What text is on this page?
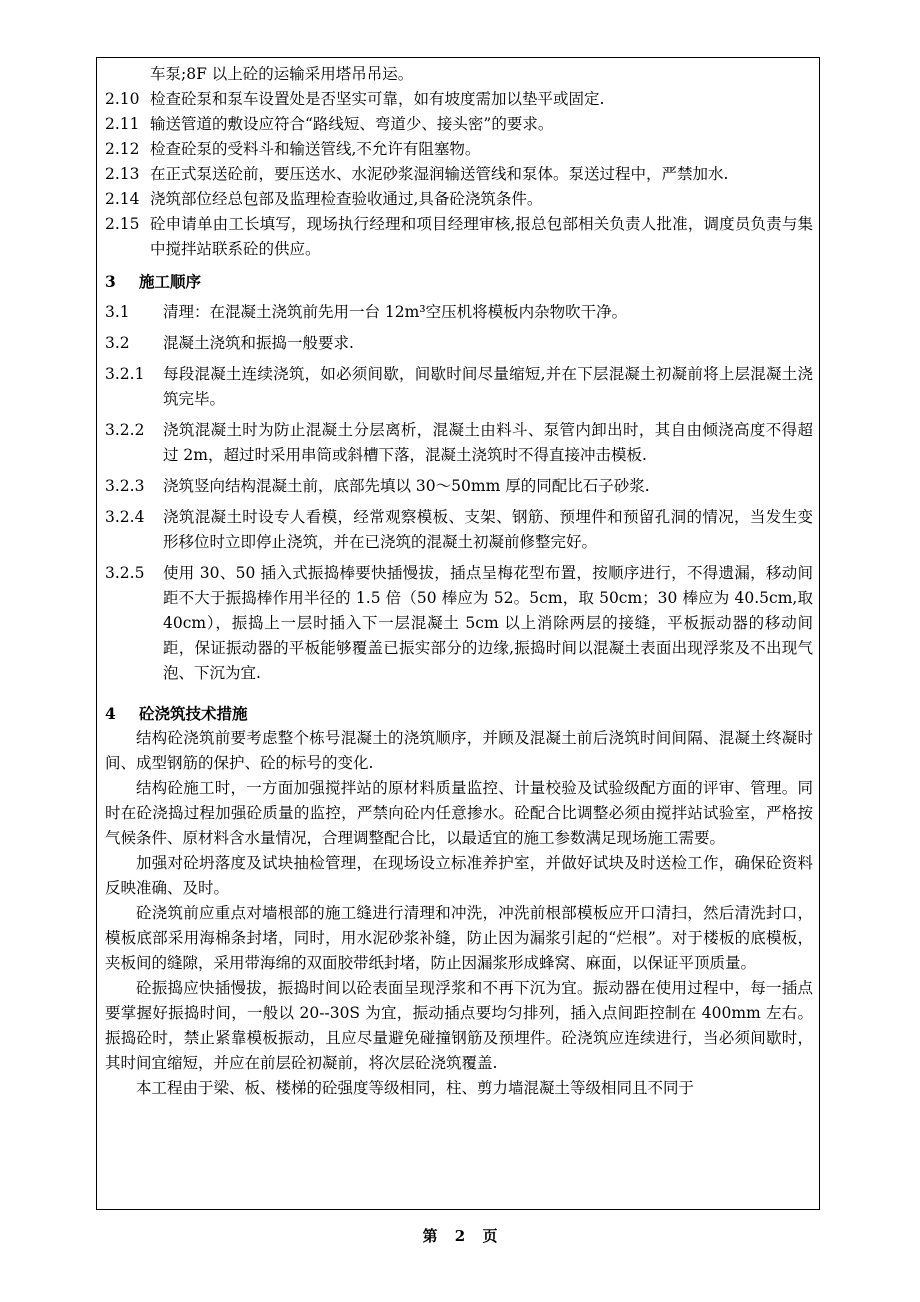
车泵;8F 以上砼的运输采用塔吊吊运。
2.10 检查砼泵和泵车设置处是否坚实可靠，如有坡度需加以垫平或固定.
2.11 输送管道的敷设应符合“路线短、弯道少、接头密”的要求。
2.12 检查砼泵的受料斗和输送管线,不允许有阻塞物。
2.13 在正式泵送砼前，要压送水、水泥砂浆湿润输送管线和泵体。泵送过程中，严禁加水.
2.14 浇筑部位经总包部及监理检查验收通过,具备砼浇筑条件。
2.15 砼申请单由工长填写，现场执行经理和项目经理审核,报总包部相关负责人批准，调度员负责与集中搅拌站联系砼的供应。
3	施工顺序
3.1	清理：在混凝土浇筑前先用一台 12m³空压机将模板内杂物吹干净。
3.2	混凝土浇筑和振捣一般要求.
3.2.1	每段混凝土连续浇筑，如必须间歇，间歇时间尽量缩短,并在下层混凝土初凝前将上层混凝土浇筑完毕。
3.2.2	浇筑混凝土时为防止混凝土分层离析，混凝土由料斗、泵管内卸出时，其自由倾浇高度不得超过 2m，超过时采用串筒或斜槽下落，混凝土浇筑时不得直接冲击模板.
3.2.3	浇筑竖向结构混凝土前，底部先填以 30～50mm 厚的同配比石子砂浆.
3.2.4	浇筑混凝土时设专人看模，经常观察模板、支架、钢筋、预埋件和预留孔洞的情况，当发生变形移位时立即停止浇筑，并在已浇筑的混凝土初凝前修整完好。
3.2.5	使用 30、50 插入式振捣棒要快插慢拔，插点呈梅花型布置，按顺序进行，不得遗漏，移动间距不大于振捣棒作用半径的 1.5 倍（50 棒应为 52。5cm，取 50cm；30 棒应为 40.5cm,取 40cm），振捣上一层时插入下一层混凝土 5cm 以上消除两层的接缝，平板振动器的移动间距，保证振动器的平板能够覆盖已振实部分的边缘,振捣时间以混凝土表面出现浮浆及不出现气泡、下沉为宜.
4	砼浇筑技术措施
结构砼浇筑前要考虑整个栋号混凝土的浇筑顺序，并顾及混凝土前后浇筑时间间隔、混凝土终凝时间、成型钢筋的保护、砼的标号的变化.
结构砼施工时，一方面加强搅拌站的原材料质量监控、计量校验及试验级配方面的评审、管理。同时在砼浇捣过程加强砼质量的监控，严禁向砼内任意掺水。砼配合比调整必须由搅拌站试验室，严格按气候条件、原材料含水量情况，合理调整配合比，以最适宜的施工参数满足现场施工需要。
加强对砼坍落度及试块抽检管理，在现场设立标准养护室，并做好试块及时送检工作，确保砼资料反映准确、及时。
砼浇筑前应重点对墙根部的施工缝进行清理和冲洗，冲洗前根部模板应开口清扫，然后清洗封口，模板底部采用海棉条封堵，同时，用水泥砂浆补缝，防止因为漏浆引起的“烂根”。对于楼板的底模板，夹板间的缝隙，采用带海绵的双面胶带纸封堵，防止因漏浆形成蜂窝、麻面，以保证平顶质量。
砼振捣应快插慢拔，振捣时间以砼表面呈现浮浆和不再下沉为宜。振动器在使用过程中，每一插点要掌握好振捣时间，一般以 20--30S 为宜，振动插点要均匀排列，插入点间距控制在 400mm 左右。振捣砼时，禁止紧靠模板振动，且应尽量避免碰撞钢筋及预埋件。砼浇筑应连续进行，当必须间歇时，其时间宜缩短，并应在前层砼初凝前，将次层砼浇筑覆盖.
本工程由于梁、板、楼梯的砼强度等级相同，柱、剪力墙混凝土等级相同且不同于
第 2 页
